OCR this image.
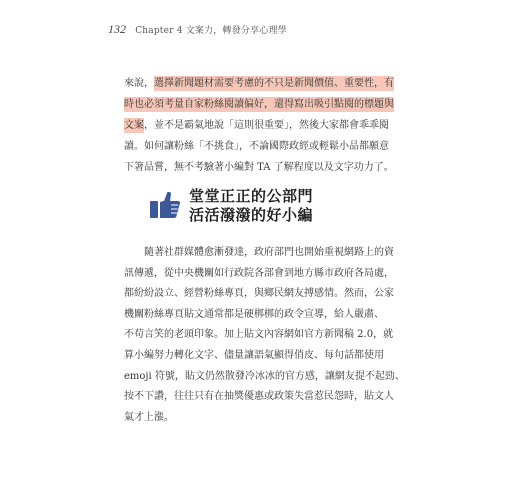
132 Chapter 4 文案力，轉發分享心理學
來說，選擇新聞題材需要考慮的不只是新聞價值、重要性，有
時也必須考量自家粉絲閱讀偏好，還得寫出吸引點閱的標題與
文案，並不是霸氣地說「這則很重要」，然後大家都會乖乖閱
讀。如何讓粉絲「不挑食」，不論國際政經或輕鬆小品都願意
下箸品嘗，無不考驗著小編對 TA 了解程度以及文字功力了。
堂堂正正的公部門
活活潑潑的好小編
　　隨著社群媒體愈漸發達，政府部門也開始重視網路上的資
訊傳遞，從中央機關如行政院各部會到地方縣市政府各局處，
都紛紛設立、經營粉絲專頁，與鄉民網友搏感情。然而，公家
機關粉絲專頁貼文通常都是硬梆梆的政令宣導，給人嚴肅、
不苟言笑的老頭印象。加上貼文內容網如官方新聞稿 2.0，就
算小編努力轉化文字、儘量讓語氣顯得俏皮、每句話都使用
emoji 符號，貼文仍然散發冷冰冰的官方感，讓網友提不起勁、
按不下讚，往往只有在抽獎優惠或政策失當惹民怨時，貼文人
氣才上漲。
